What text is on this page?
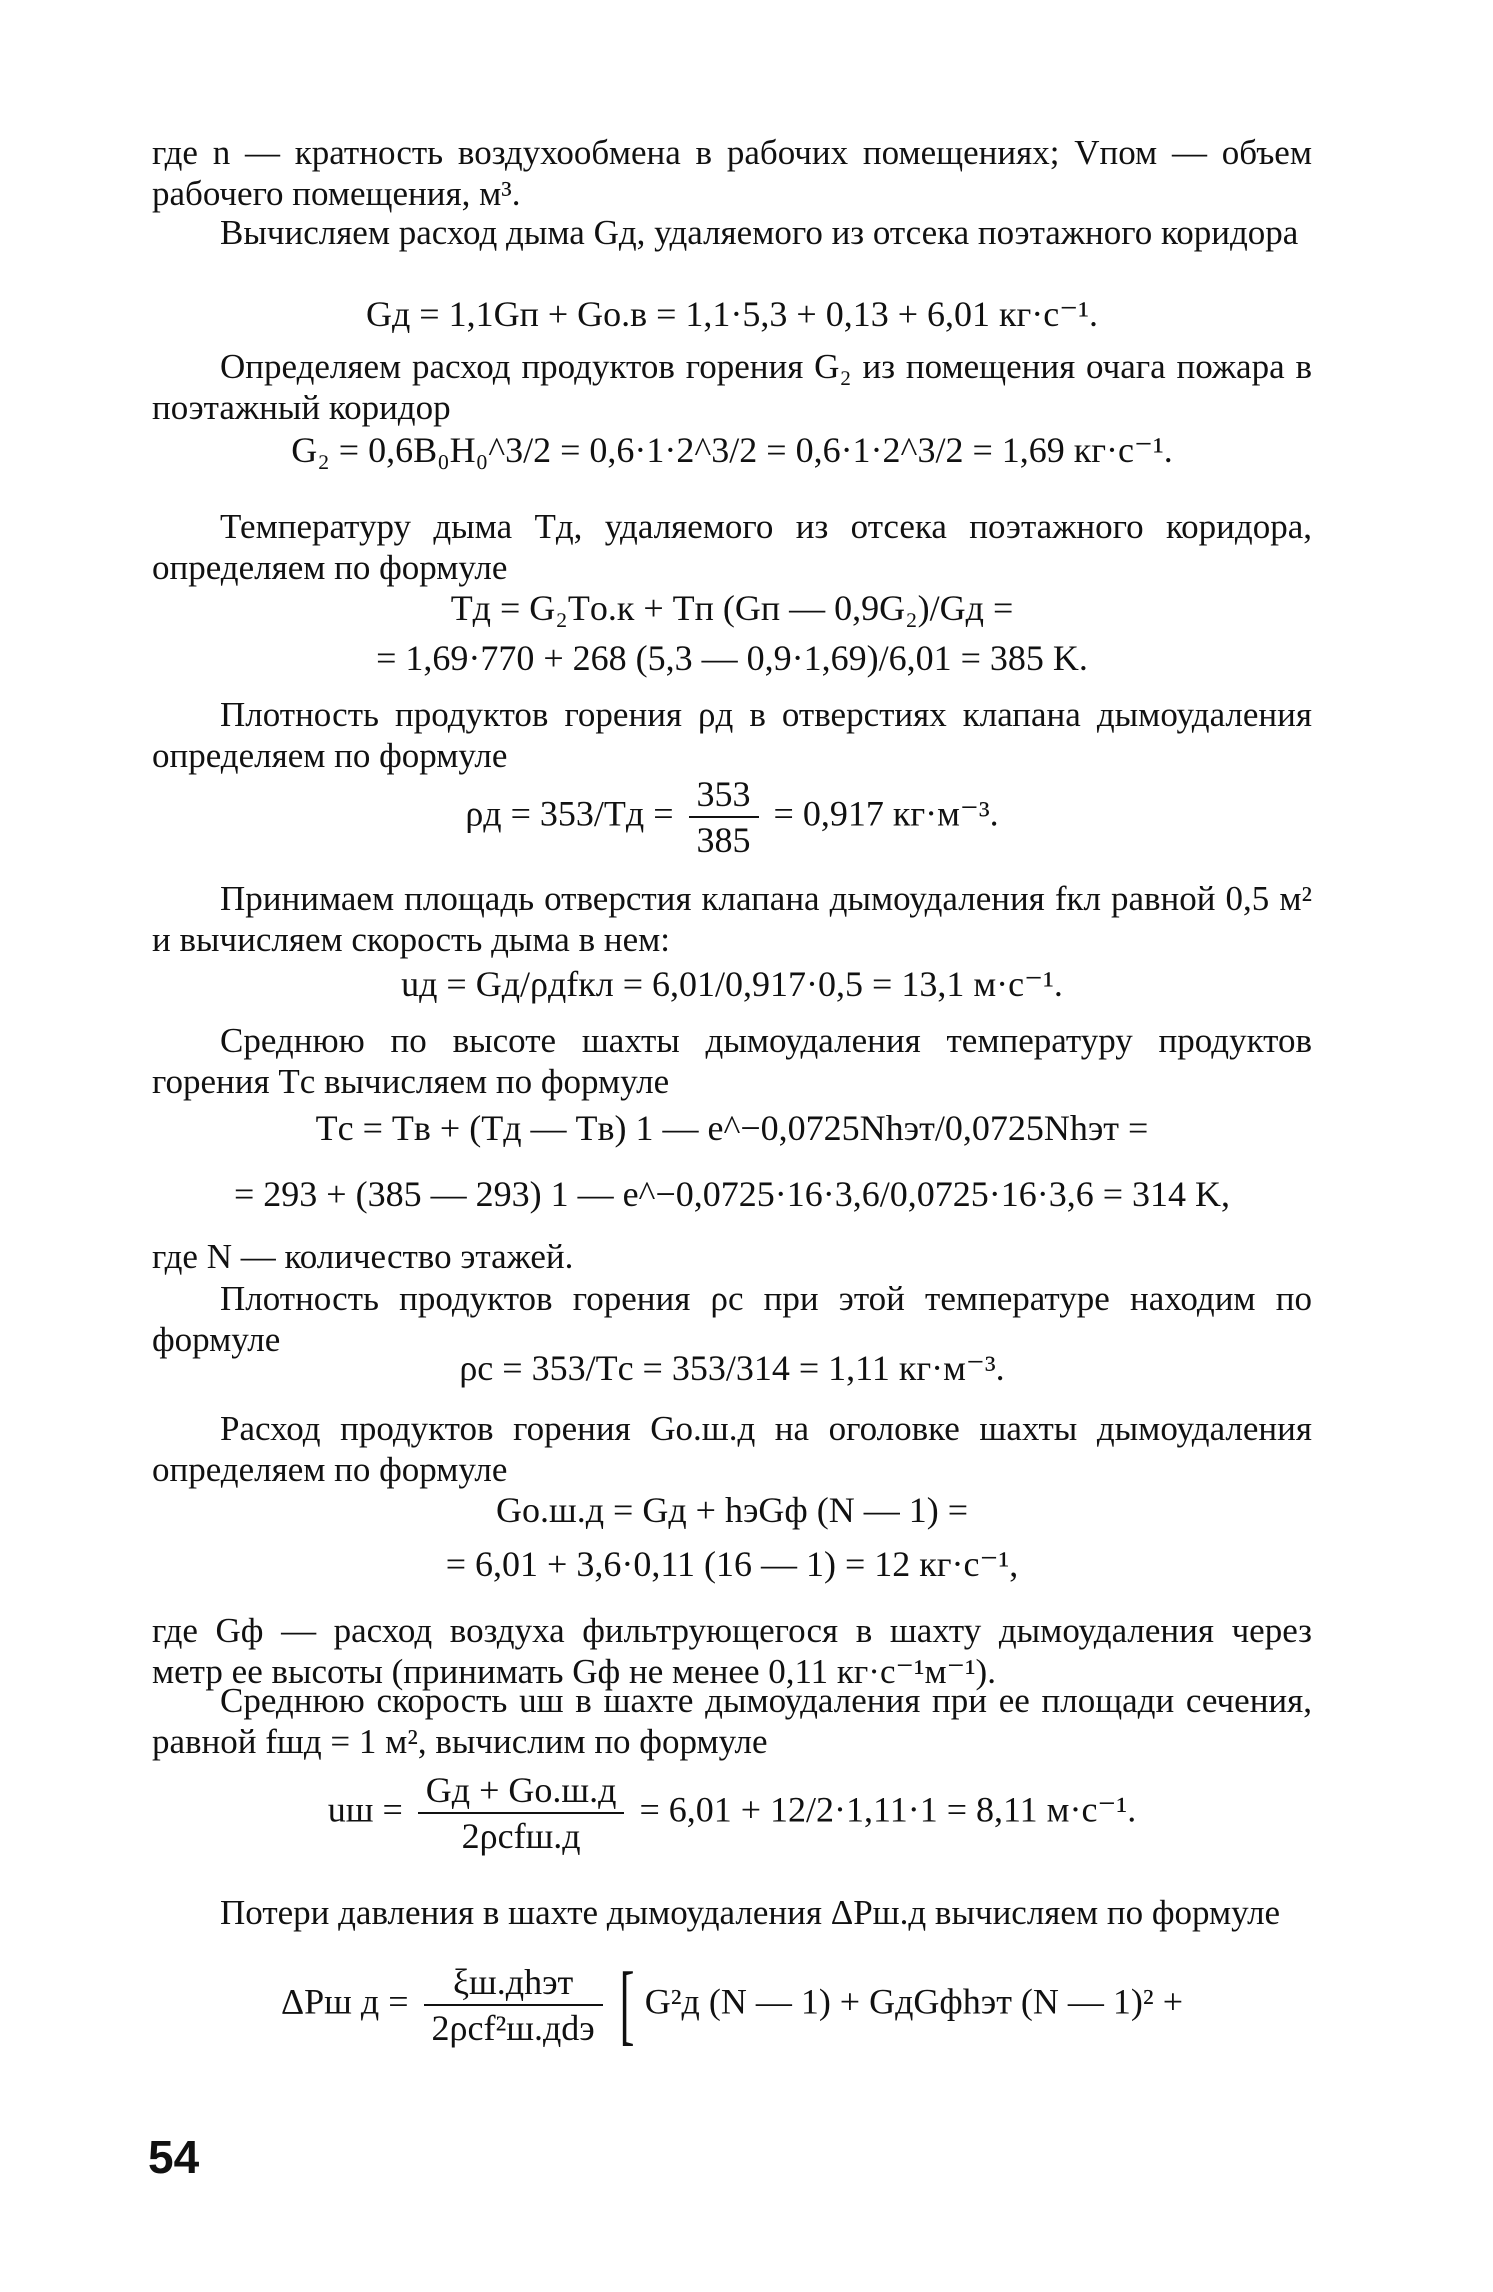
где n — кратность воздухообмена в рабочих помещениях; Vпом — объем рабочего помещения, м³.
Вычисляем расход дыма Gд, удаляемого из отсека поэтажного коридора
Gд = 1,1Gп + Gо.в = 1,1·5,3 + 0,13 + 6,01 кг·с⁻¹.
Определяем расход продуктов горения G₂ из помещения очага пожара в поэтажный коридор
G₂ = 0,6B₀H₀^3/2 = 0,6·1·2^3/2 = 0,6·1·2^3/2 = 1,69 кг·с⁻¹.
Температуру дыма Tд, удаляемого из отсека поэтажного коридора, определяем по формуле
Tд = G₂Tо.к + Tп (Gп — 0,9G₂)/Gд =
= 1,69·770 + 268 (5,3 — 0,9·1,69)/6,01 = 385 K.
Плотность продуктов горения ρд в отверстиях клапана дымоудаления определяем по формуле
$\rho д = 353/Tд = \frac{353}{385} = 0,917$ кг·м⁻³.
Принимаем площадь отверстия клапана дымоудаления fкл равной 0,5 м² и вычисляем скорость дыма в нем:
uд = Gд/ρдfкл = 6,01/0,917·0,5 = 13,1 м·с⁻¹.
Среднюю по высоте шахты дымоудаления температуру продуктов горения Tс вычисляем по формуле
Tс = Tв + (Tд — Tв) 1 — e^−0,0725Nhэт/0,0725Nhэт =
= 293 + (385 — 293) 1 — e^−0,0725·16·3,6/0,0725·16·3,6 = 314 K,
где N — количество этажей.
Плотность продуктов горения ρс при этой температуре находим по формуле
ρс = 353/Tс = 353/314 = 1,11 кг·м⁻³.
Расход продуктов горения Gо.ш.д на оголовке шахты дымоудаления определяем по формуле
Gо.ш.д = Gд + hэGф (N — 1) =
= 6,01 + 3,6·0,11 (16 — 1) = 12 кг·с⁻¹,
где Gф — расход воздуха фильтрующегося в шахту дымоудаления через метр ее высоты (принимать Gф не менее 0,11 кг·с⁻¹м⁻¹).
Среднюю скорость uш в шахте дымоудаления при ее площади сечения, равной fшд = 1 м², вычислим по формуле
uш = $\frac{Gд + Gо.ш.д}{\text{2ρсfш.д}} = 6,01 + 12/2\cdot 1,11\cdot 1 = 8,11$ м·с⁻¹.
Потери давления в шахте дымоудаления ΔPш.д вычисляем по формуле
ΔPш $д = \frac{\text{ξш.дhэт}}{\text{2ρсf²ш.дdэ}}$ [ G²д (N — 1) + GдGфhэт (N — 1)² +
54
